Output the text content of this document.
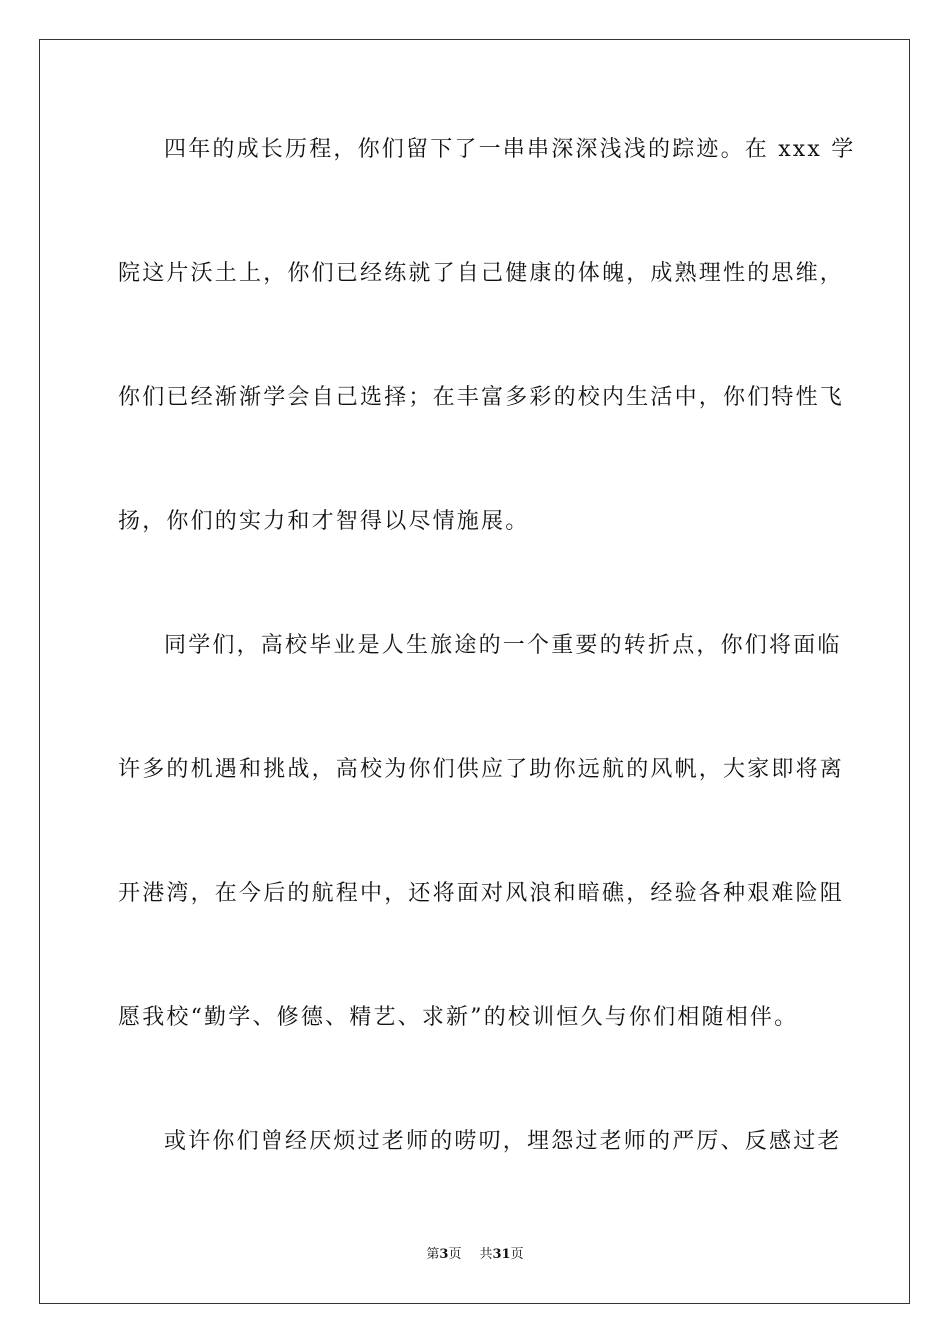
四年的成长历程，你们留下了一串串深深浅浅的踪迹。在 xxx 学
院这片沃土上，你们已经练就了自己健康的体魄，成熟理性的思维，
你们已经渐渐学会自己选择；在丰富多彩的校内生活中，你们特性飞
扬，你们的实力和才智得以尽情施展。
同学们，高校毕业是人生旅途的一个重要的转折点，你们将面临
许多的机遇和挑战，高校为你们供应了助你远航的风帆，大家即将离
开港湾，在今后的航程中，还将面对风浪和暗礁，经验各种艰难险阻
愿我校“勤学、修德、精艺、求新”的校训恒久与你们相随相伴。
或许你们曾经厌烦过老师的唠叨，埋怨过老师的严厉、反感过老
第3页 共31页
